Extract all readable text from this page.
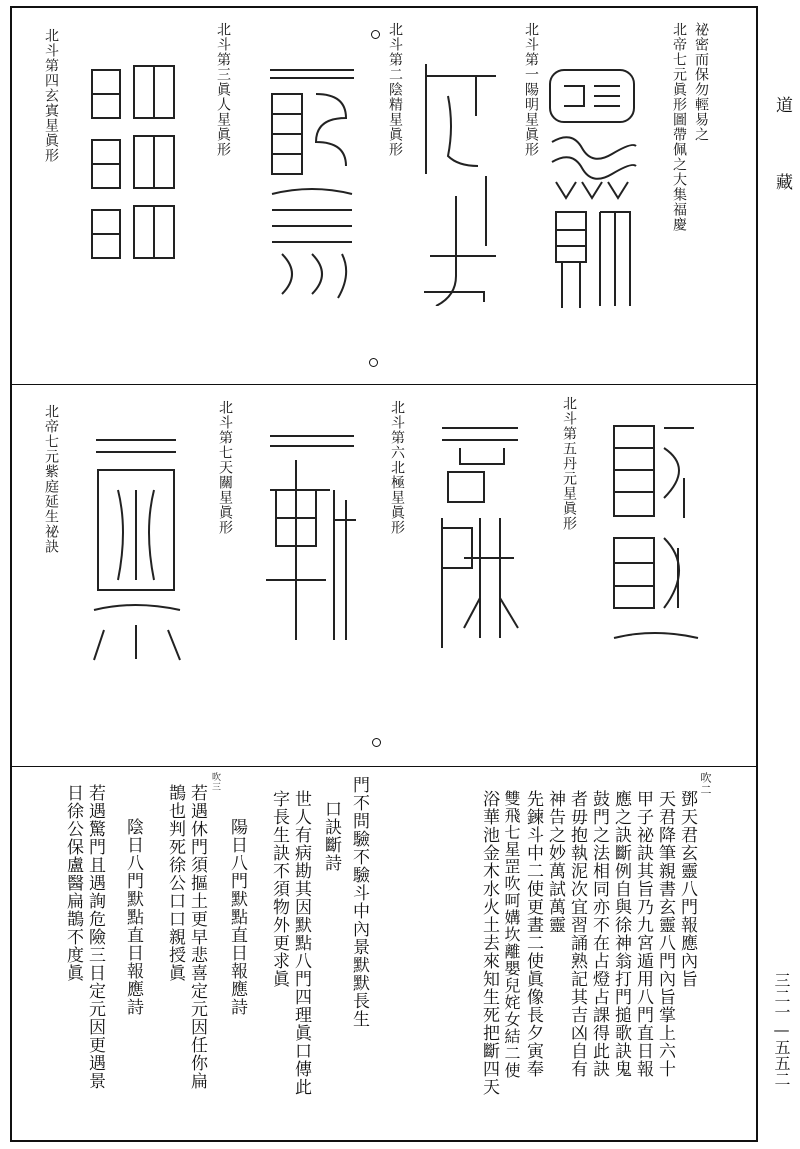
道藏
三二一—五五二
祕密而保勿輕易之
北帝七元眞形圖帶佩之大集福慶
北斗第一陽明星眞形
北斗第二陰精星眞形
北斗第三眞人星眞形
北斗第四玄寘星眞形
北斗第五丹元星眞形
北斗第六北極星眞形
北斗第七天關星眞形
北帝七元紫庭延生祕訣
鄧天君玄靈八門報應內旨
天君降筆親書玄靈八門內旨掌上六十
甲子祕訣其旨乃九宮遁用八門直日報
應之訣斷例自與徐神翁打門搥歌訣鬼
鼓門之法相同亦不在占燈占課得此訣
者毋抱執泥次宜習誦熟記其吉凶自有
神告之妙萬試萬靈
先鍊斗中二使更晝二使眞像長夕寅奉
雙飛七星罡吹呵媾坎離嬰兒姹女結二使
浴華池金木水火土去來知生死把斷四天
門不問驗不驗斗中內景默默長生
口訣斷詩
世人有病勘其因默點八門四理眞口傳此
字長生訣不須物外更求眞
陽日八門默點直日報應詩
若遇休門須摳土更早悲喜定元因任你扁
鵲也判死徐公口口親授眞
陰日八門默點直日報應詩
若遇驚門且遇詢危險三日定元因更遇景
日徐公保盧醫扁鵲不度眞	吹二
吹三
